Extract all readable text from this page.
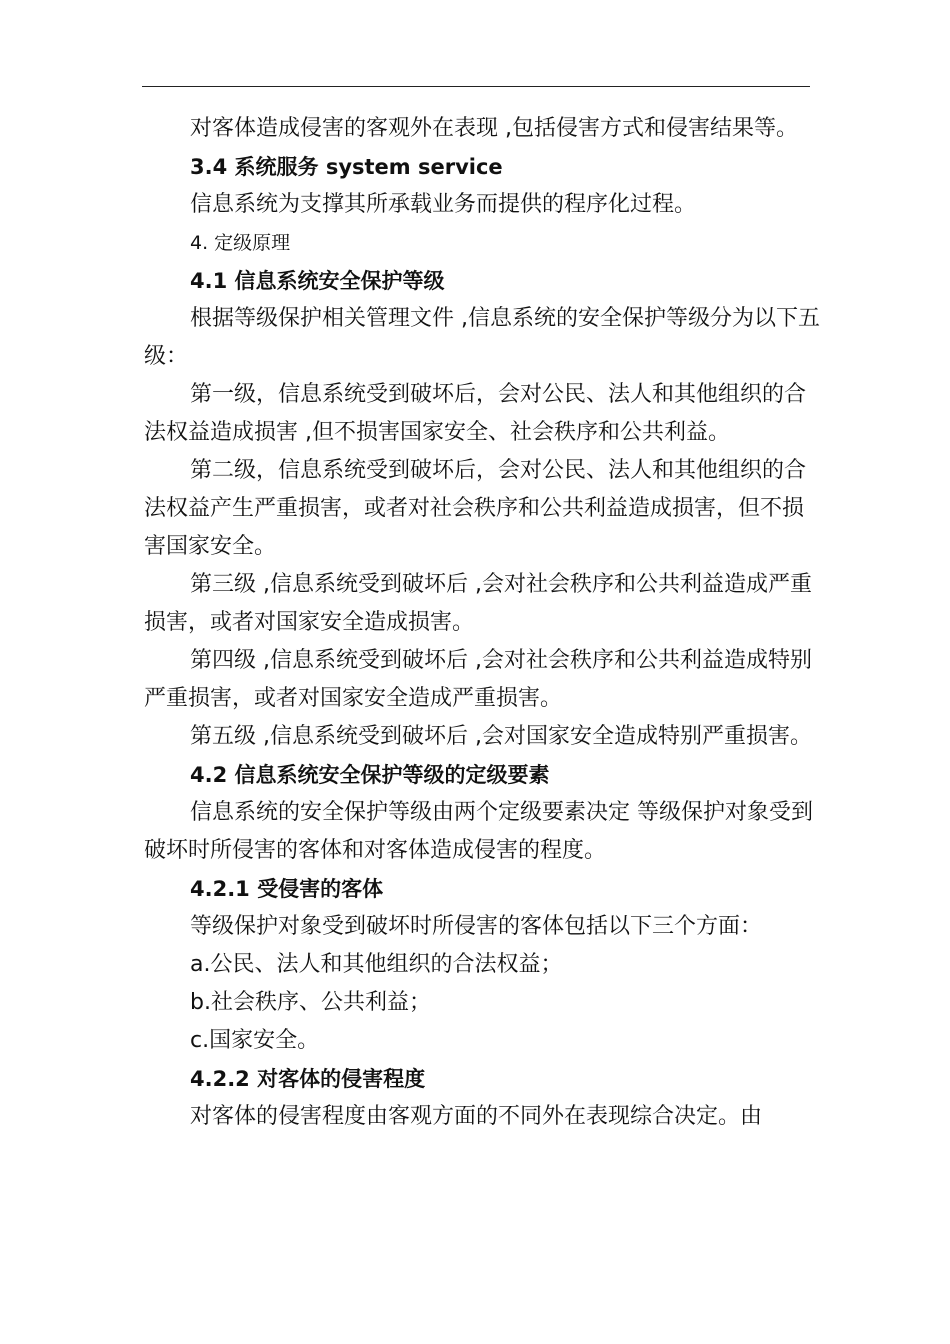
对客体造成侵害的客观外在表现 ,包括侵害方式和侵害结果等。

3.4 系统服务 system service

信息系统为支撑其所承载业务而提供的程序化过程。

4. 定级原理

4.1 信息系统安全保护等级

根据等级保护相关管理文件 ,信息系统的安全保护等级分为以下五级：

第一级，信息系统受到破坏后，会对公民、法人和其他组织的合法权益造成损害 ,但不损害国家安全、社会秩序和公共利益。

第二级，信息系统受到破坏后，会对公民、法人和其他组织的合法权益产生严重损害，或者对社会秩序和公共利益造成损害，但不损害国家安全。

第三级 ,信息系统受到破坏后 ,会对社会秩序和公共利益造成严重损害，或者对国家安全造成损害。

第四级 ,信息系统受到破坏后 ,会对社会秩序和公共利益造成特别严重损害，或者对国家安全造成严重损害。

第五级 ,信息系统受到破坏后 ,会对国家安全造成特别严重损害。

4.2 信息系统安全保护等级的定级要素

信息系统的安全保护等级由两个定级要素决定 等级保护对象受到破坏时所侵害的客体和对客体造成侵害的程度。

4.2.1 受侵害的客体

等级保护对象受到破坏时所侵害的客体包括以下三个方面：

a.公民、法人和其他组织的合法权益；

b.社会秩序、公共利益；

c.国家安全。

4.2.2 对客体的侵害程度

对客体的侵害程度由客观方面的不同外在表现综合决定。由
